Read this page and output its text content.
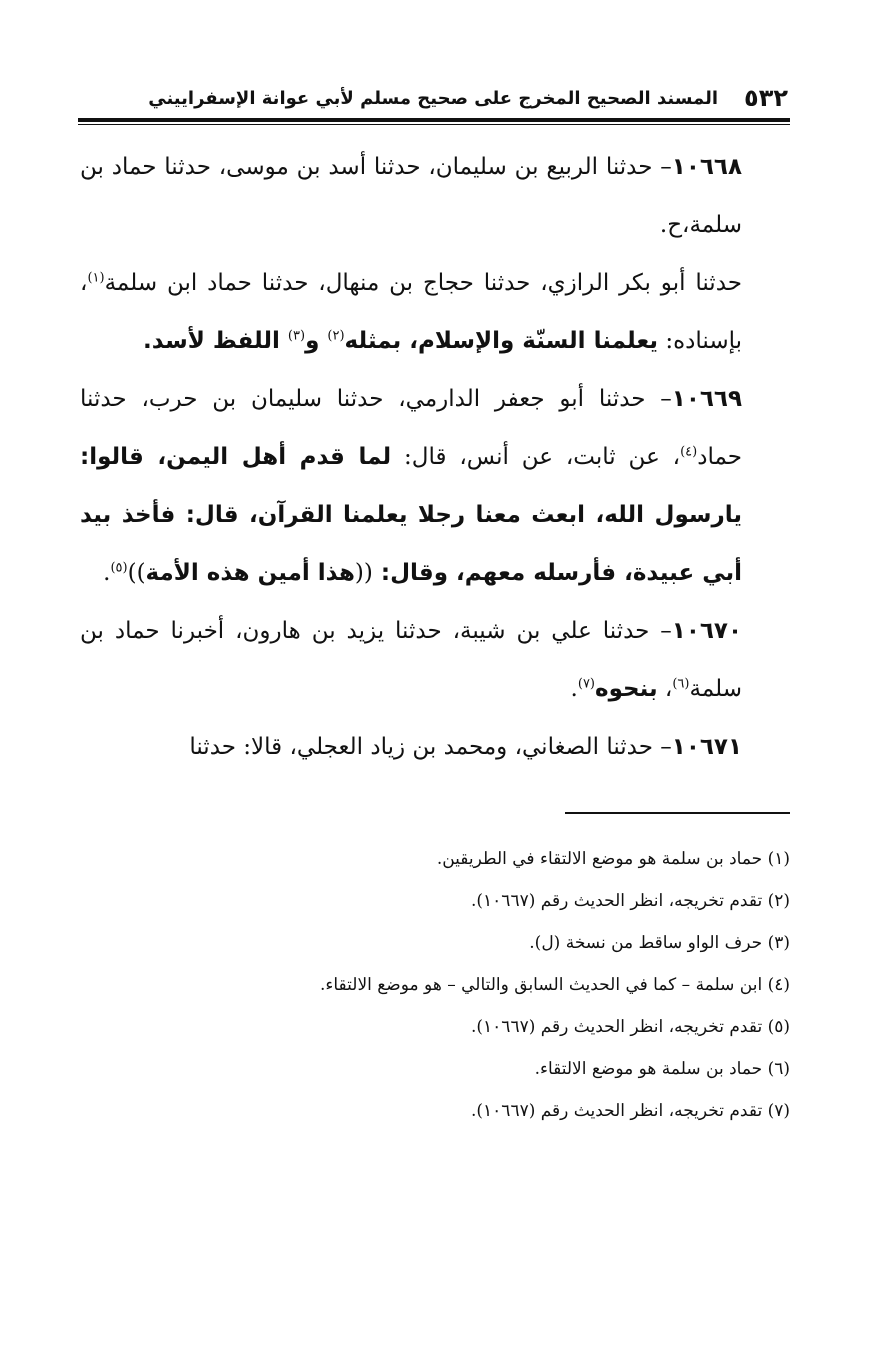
٥٣٢
المسند الصحيح المخرج على صحيح مسلم لأبي عوانة الإسفراييني

١٠٦٦٨– حدثنا الربيع بن سليمان، حدثنا أسد بن موسى، حدثنا حماد بن سلمة،ح.

حدثنا أبو بكر الرازي، حدثنا حجاج بن منهال، حدثنا حماد ابن سلمة$^{(١)}$، بإسناده: يعلمنا السنّة والإسلام، بمثله$^{(٢)}$ و$^{(٣)}$ اللفظ لأسد.

١٠٦٦٩– حدثنا أبو جعفر الدارمي، حدثنا سليمان بن حرب، حدثنا حماد$^{(٤)}$، عن ثابت، عن أنس، قال: لما قدم أهل اليمن، قالوا: يارسول الله، ابعث معنا رجلا يعلمنا القرآن، قال: فأخذ بيد أبي عبيدة، فأرسله معهم، وقال: ((هذا أمين هذه الأمة))$^{(٥)}$.

١٠٦٧٠– حدثنا علي بن شيبة، حدثنا يزيد بن هارون، أخبرنا حماد بن سلمة$^{(٦)}$، بنحوه$^{(٧)}$.

١٠٦٧١– حدثنا الصغاني، ومحمد بن زياد العجلي، قالا: حدثنا

(١) حماد بن سلمة هو موضع الالتقاء في الطريقين.

(٢) تقدم تخريجه، انظر الحديث رقم (١٠٦٦٧).

(٣) حرف الواو ساقط من نسخة (ل).

(٤) ابن سلمة – كما في الحديث السابق والتالي – هو موضع الالتقاء.

(٥) تقدم تخريجه، انظر الحديث رقم (١٠٦٦٧).

(٦) حماد بن سلمة هو موضع الالتقاء.

(٧) تقدم تخريجه، انظر الحديث رقم (١٠٦٦٧).
